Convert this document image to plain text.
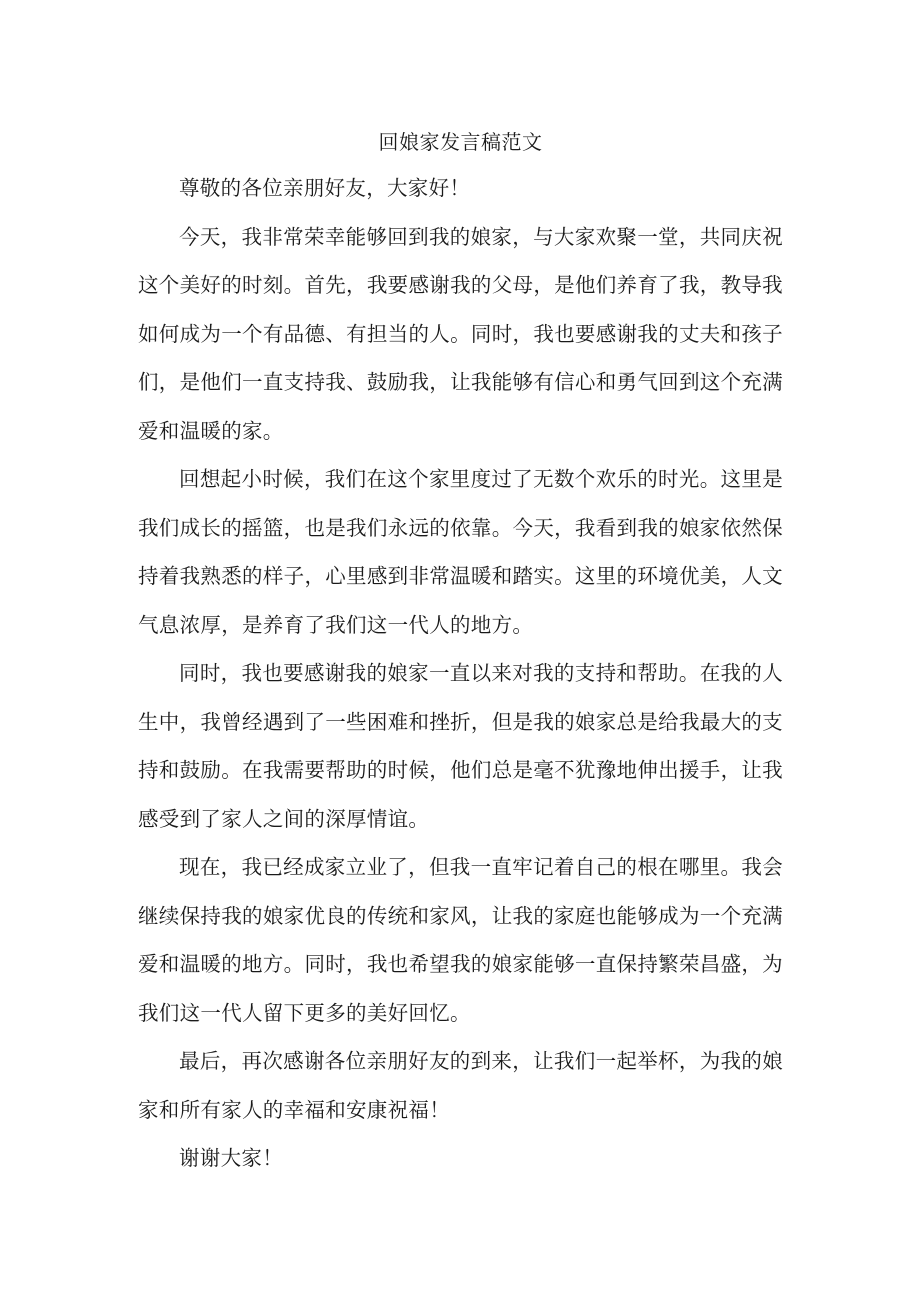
回娘家发言稿范文

尊敬的各位亲朋好友，大家好！

今天，我非常荣幸能够回到我的娘家，与大家欢聚一堂，共同庆祝这个美好的时刻。首先，我要感谢我的父母，是他们养育了我，教导我如何成为一个有品德、有担当的人。同时，我也要感谢我的丈夫和孩子们，是他们一直支持我、鼓励我，让我能够有信心和勇气回到这个充满爱和温暖的家。

回想起小时候，我们在这个家里度过了无数个欢乐的时光。这里是我们成长的摇篮，也是我们永远的依靠。今天，我看到我的娘家依然保持着我熟悉的样子，心里感到非常温暖和踏实。这里的环境优美，人文气息浓厚，是养育了我们这一代人的地方。

同时，我也要感谢我的娘家一直以来对我的支持和帮助。在我的人生中，我曾经遇到了一些困难和挫折，但是我的娘家总是给我最大的支持和鼓励。在我需要帮助的时候，他们总是毫不犹豫地伸出援手，让我感受到了家人之间的深厚情谊。

现在，我已经成家立业了，但我一直牢记着自己的根在哪里。我会继续保持我的娘家优良的传统和家风，让我的家庭也能够成为一个充满爱和温暖的地方。同时，我也希望我的娘家能够一直保持繁荣昌盛，为我们这一代人留下更多的美好回忆。

最后，再次感谢各位亲朋好友的到来，让我们一起举杯，为我的娘家和所有家人的幸福和安康祝福！

谢谢大家！
